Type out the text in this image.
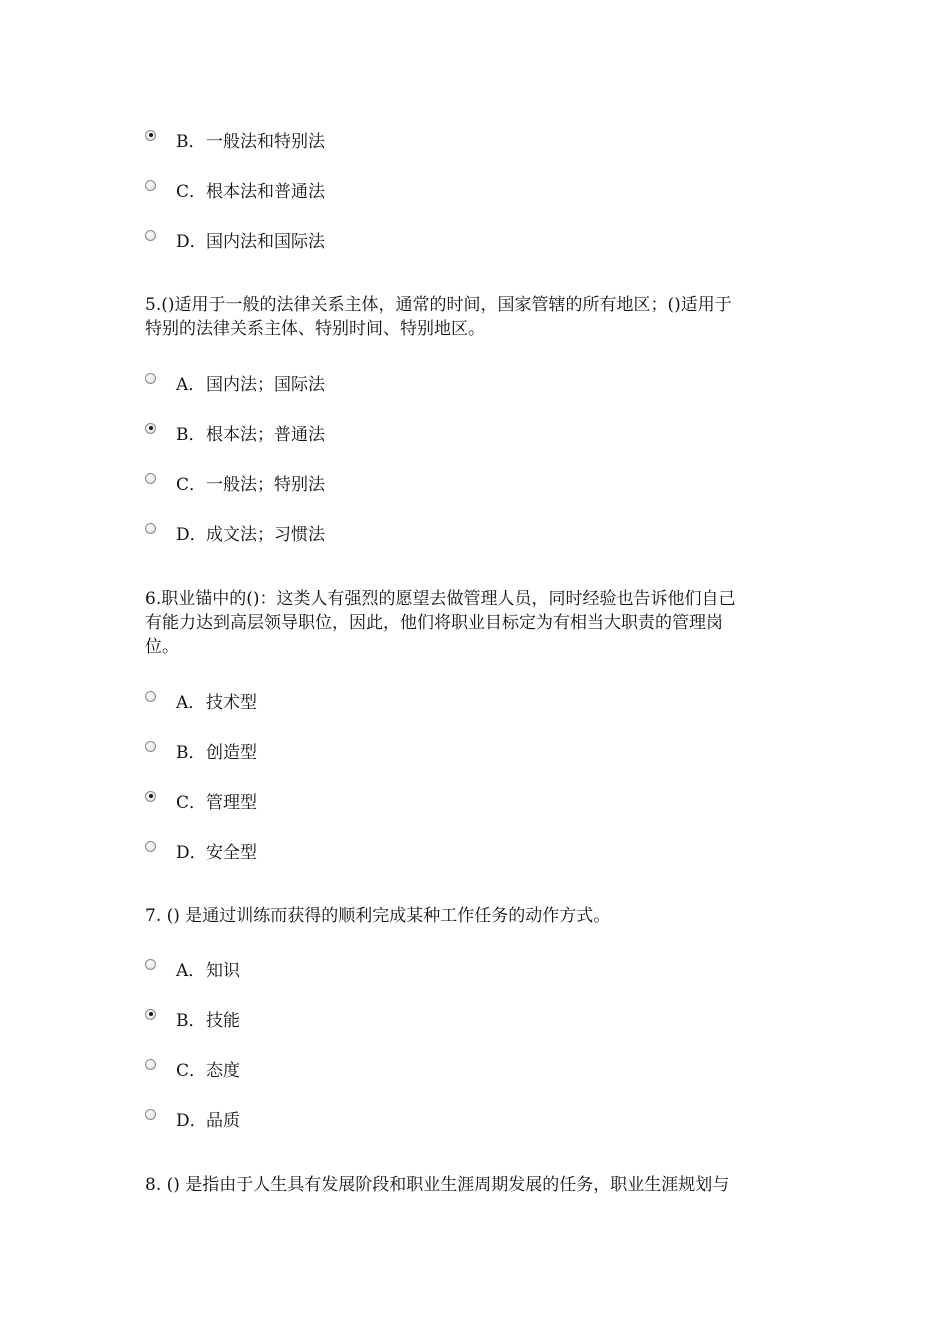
B． 一般法和特别法
C． 根本法和普通法
D． 国内法和国际法
5.()适用于一般的法律关系主体，通常的时间，国家管辖的所有地区；()适用于
特别的法律关系主体、特别时间、特别地区。
A． 国内法；国际法
B． 根本法；普通法
C． 一般法；特别法
D． 成文法；习惯法
6.职业锚中的()：这类人有强烈的愿望去做管理人员，同时经验也告诉他们自己
有能力达到高层领导职位，因此，他们将职业目标定为有相当大职责的管理岗
位。
A． 技术型
B． 创造型
C． 管理型
D． 安全型
7. () 是通过训练而获得的顺利完成某种工作任务的动作方式。
A． 知识
B． 技能
C． 态度
D． 品质
8. () 是指由于人生具有发展阶段和职业生涯周期发展的任务，职业生涯规划与
